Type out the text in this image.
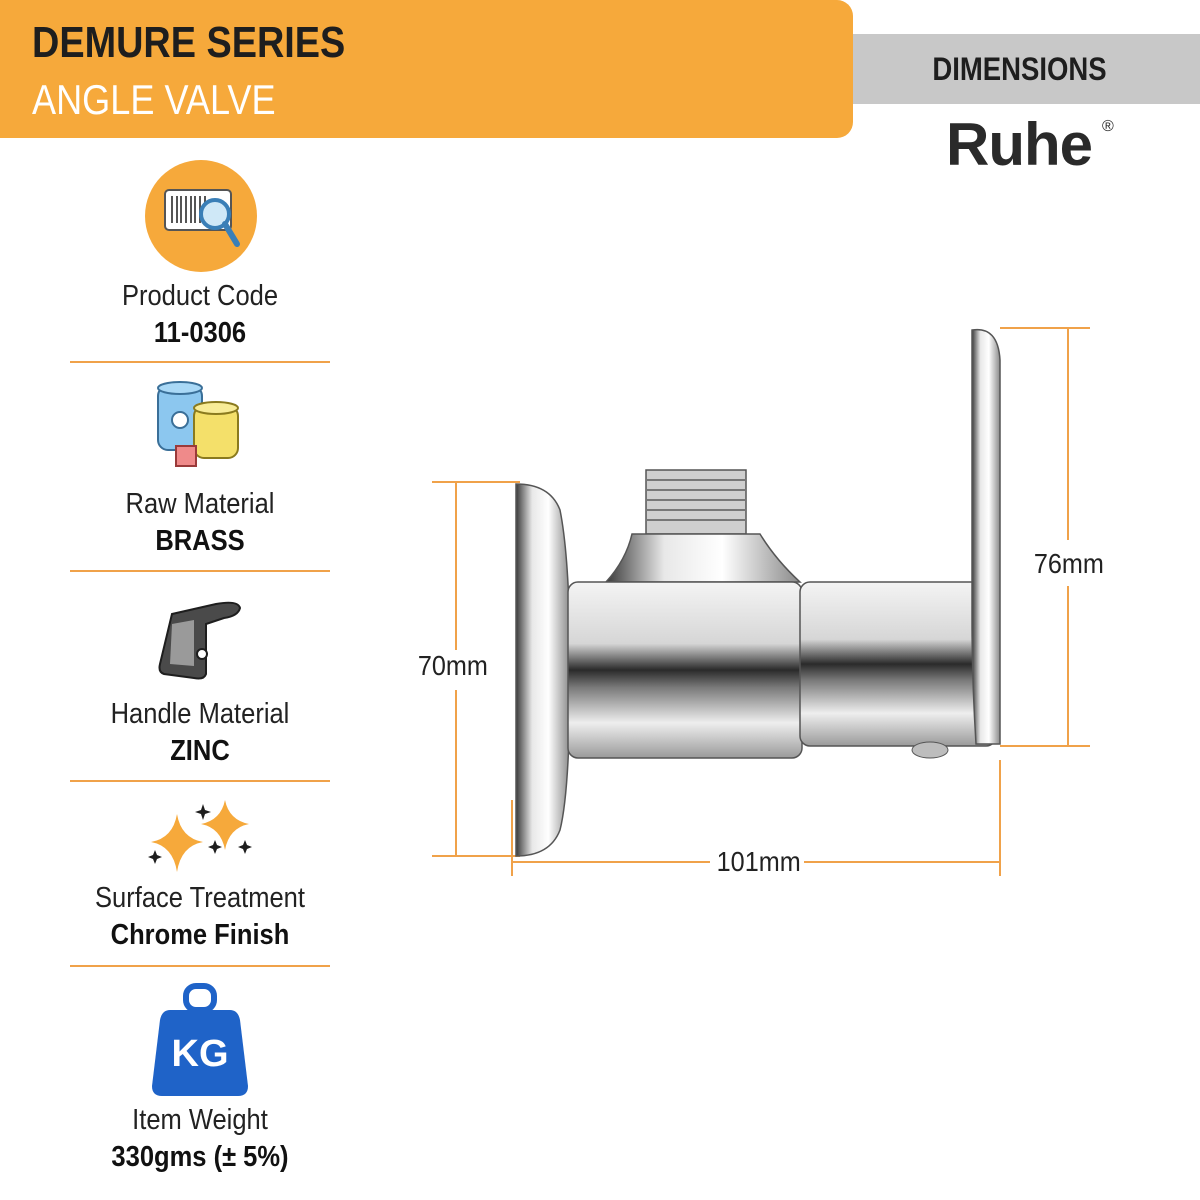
DEMURE SERIES
ANGLE VALVE
DIMENSIONS
Ruhe ®
Product Code
11-0306
Raw Material
BRASS
Handle Material
ZINC
Surface Treatment
Chrome Finish
KG
Item Weight
330gms (± 5%)
70mm
76mm
101mm
